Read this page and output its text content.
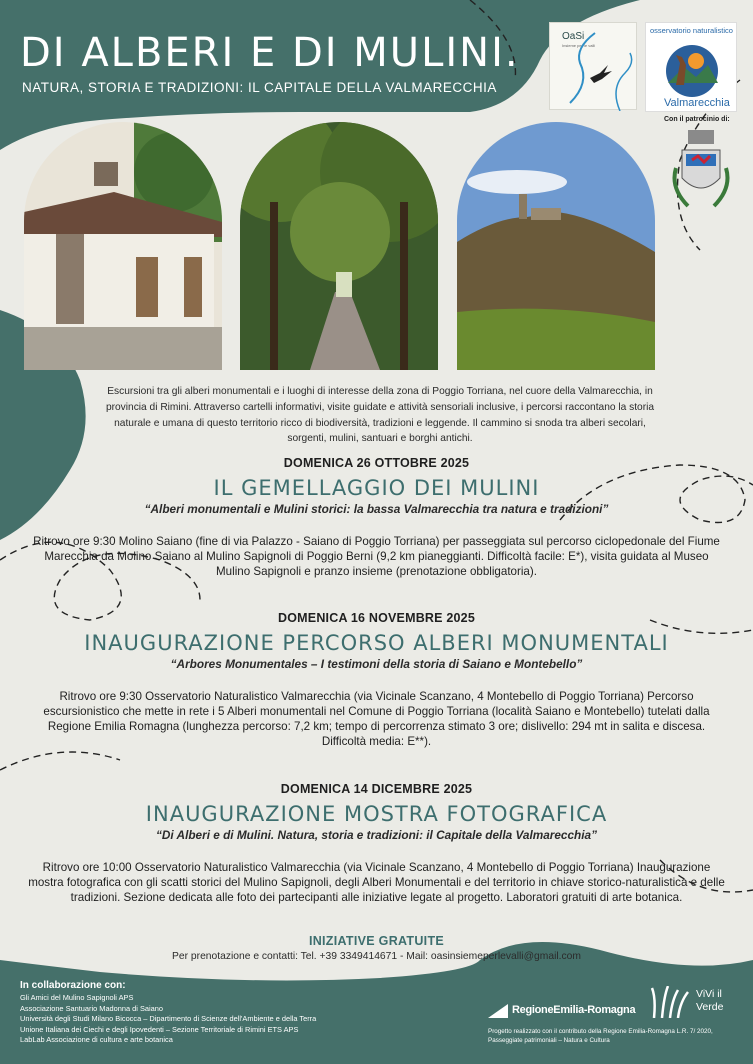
DI ALBERI E DI MULINI.
NATURA, STORIA E TRADIZIONI: IL CAPITALE DELLA VALMARECCHIA
OaSi
Insieme per le valli
osservatorio naturalistico
Valmarecchia
Con il patrocinio di:
Escursioni tra gli alberi monumentali e i luoghi di interesse della zona di Poggio Torriana, nel cuore della Valmarecchia, in provincia di Rimini. Attraverso cartelli informativi, visite guidate e attività sensoriali inclusive, i percorsi raccontano la storia naturale e umana di questo territorio ricco di biodiversità, tradizioni e leggende. Il cammino si snoda tra alberi secolari, sorgenti, mulini, santuari e borghi antichi.
DOMENICA 26 OTTOBRE 2025
IL GEMELLAGGIO DEI MULINI
“Alberi monumentali e Mulini storici: la bassa Valmarecchia tra natura e tradizioni”
Ritrovo ore 9:30 Molino Saiano (fine di via Palazzo - Saiano di Poggio Torriana) per passeggiata sul percorso ciclopedonale del Fiume Marecchia da Molino Saiano al Mulino Sapignoli di Poggio Berni (9,2 km pianeggianti. Difficoltà facile: E*), visita guidata al Museo Mulino Sapignoli e pranzo insieme (prenotazione obbligatoria).
DOMENICA 16 NOVEMBRE 2025
INAUGURAZIONE PERCORSO ALBERI MONUMENTALI
“Arbores Monumentales – I testimoni della storia di Saiano e Montebello”
Ritrovo ore 9:30 Osservatorio Naturalistico Valmarecchia (via Vicinale Scanzano, 4 Montebello di Poggio Torriana) Percorso escursionistico che mette in rete i 5 Alberi monumentali nel Comune di Poggio Torriana (località Saiano e Montebello) tutelati dalla Regione Emilia Romagna (lunghezza percorso: 7,2 km; tempo di percorrenza stimato 3 ore; dislivello: 294 mt in salita e discesa. Difficoltà media: E**).
DOMENICA 14 DICEMBRE 2025
INAUGURAZIONE MOSTRA FOTOGRAFICA
“Di Alberi e di Mulini. Natura, storia e tradizioni: il Capitale della Valmarecchia”
Ritrovo ore 10:00 Osservatorio Naturalistico Valmarecchia (via Vicinale Scanzano, 4 Montebello di Poggio Torriana) Inaugurazione mostra fotografica con gli scatti storici del Mulino Sapignoli, degli Alberi Monumentali e del territorio in chiave storico-naturalistica e delle tradizioni. Sezione dedicata alle foto dei partecipanti alle iniziative legate al progetto. Laboratori gratuiti di arte botanica.
INIZIATIVE GRATUITE
Per prenotazione e contatti: Tel. +39 3349414671 - Mail: oasinsiemeperlevalli@gmail.com
In collaborazione con:
Gli Amici del Mulino Sapignoli APS
Associazione Santuario Madonna di Saiano
Università degli Studi Milano Bicocca – Dipartimento di Scienze dell'Ambiente e della Terra
Unione Italiana dei Ciechi e degli Ipovedenti – Sezione Territoriale di Rimini ETS APS
LabLab Associazione di cultura e arte botanica
RegioneEmilia-Romagna
ViVi il
Verde
Progetto realizzato con il contributo della Regione Emilia-Romagna L.R. 7/ 2020, Passeggiate patrimoniali – Natura e Cultura
